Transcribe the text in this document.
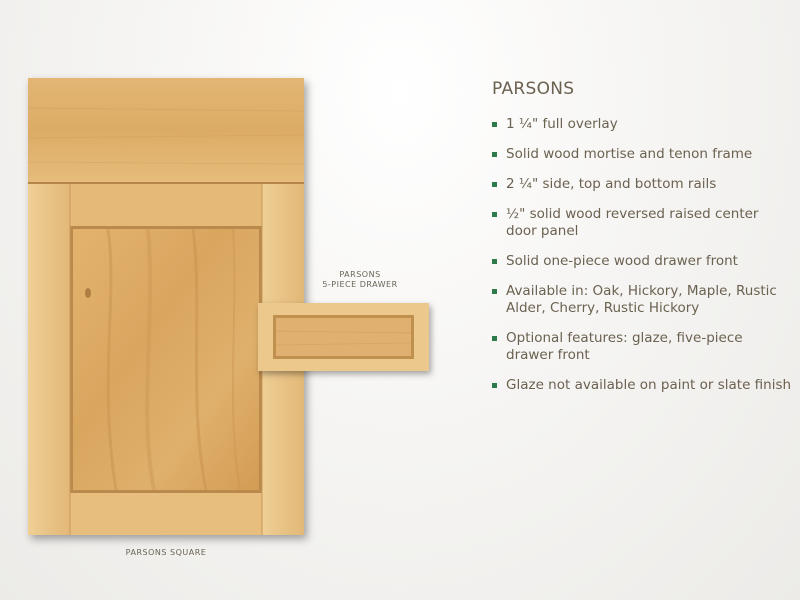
PARSONS SQUARE
PARSONS
5-PIECE DRAWER
PARSONS
1 ¼" full overlay
Solid wood mortise and tenon frame
2 ¼" side, top and bottom rails
½" solid wood reversed raised center door panel
Solid one-piece wood drawer front
Available in: Oak, Hickory, Maple, Rustic Alder, Cherry, Rustic Hickory
Optional features: glaze, five-piece drawer front
Glaze not available on paint or slate finish
